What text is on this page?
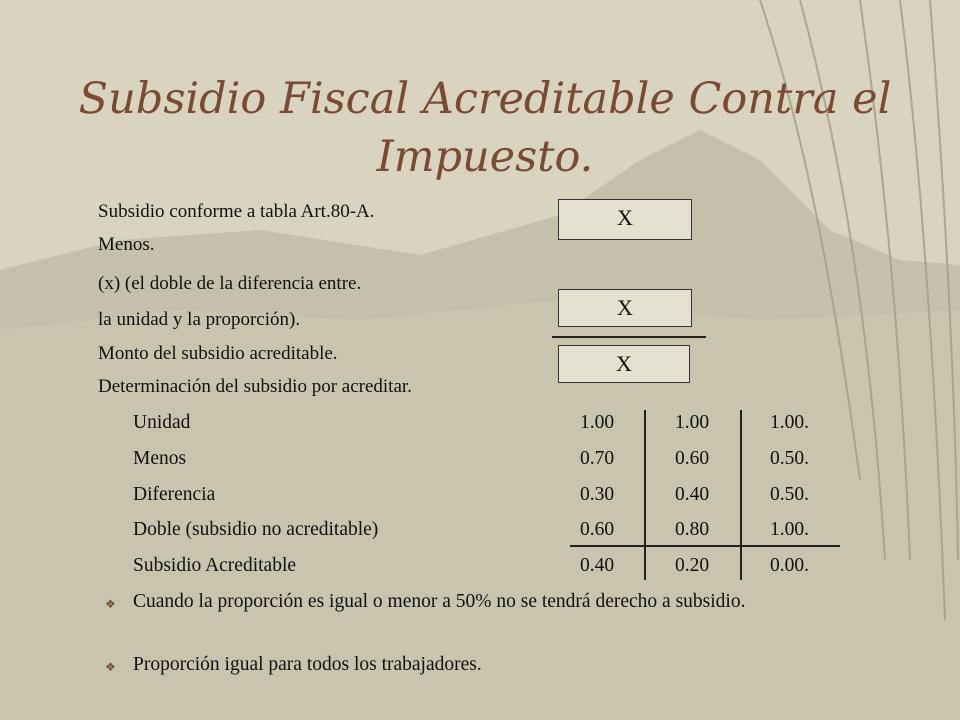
Subsidio Fiscal Acreditable Contra el Impuesto.
Subsidio conforme a tabla Art.80-A.
Menos.
(x) (el doble de la diferencia entre.
la unidad y la proporción).
Monto del subsidio acreditable.
Determinación del subsidio por acreditar.
X
X
X
Unidad	1.00	1.00	1.00.
Menos	0.70	0.60	0.50.
Diferencia	0.30	0.40	0.50.
Doble (subsidio no acreditable)	0.60	0.80	1.00.
Subsidio Acreditable	0.40	0.20	0.00.
❖ Cuando la proporción es igual o menor a 50% no se tendrá derecho a subsidio.
❖ Proporción igual para todos los trabajadores.
